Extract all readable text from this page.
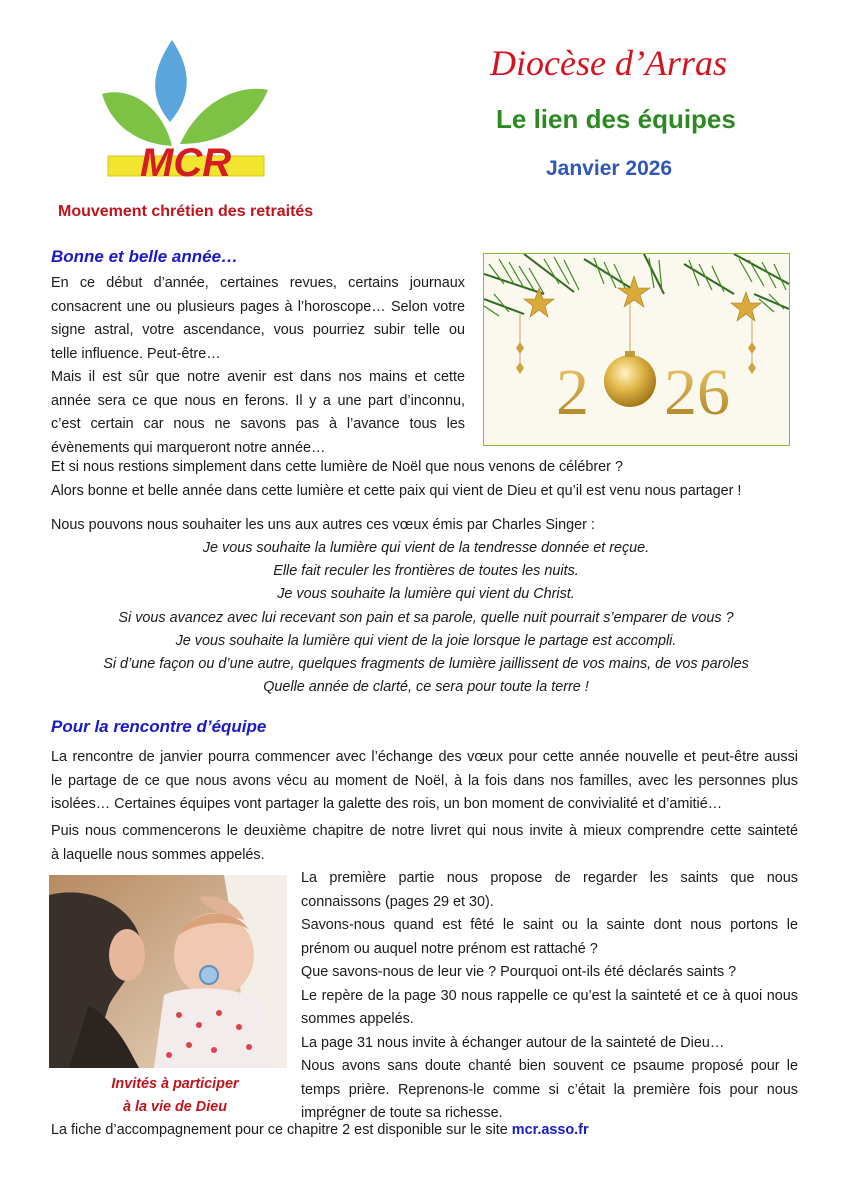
MCR
Mouvement chrétien des retraités
Diocèse d’Arras
Le lien des équipes
Janvier 2026
Bonne et belle année…

En ce début d’année, certaines revues, certains journaux

consacrent une ou plusieurs pages à l’horoscope… Selon votre

signe astral, votre ascendance, vous pourriez subir telle ou

telle influence. Peut-être…

Mais il est sûr que notre avenir est dans nos mains et cette

année sera ce que nous en ferons. Il y a une part d’inconnu,

c’est certain car nous ne savons pas à l’avance tous les

évènements qui marqueront notre année…

2 26

Et si nous restions simplement dans cette lumière de Noël que nous venons de célébrer ?

Alors bonne et belle année dans cette lumière et cette paix qui vient de Dieu et qu’il est venu nous partager !

Nous pouvons nous souhaiter les uns aux autres ces vœux émis par Charles Singer :

Je vous souhaite la lumière qui vient de la tendresse donnée et reçue.

Elle fait reculer les frontières de toutes les nuits.

Je vous souhaite la lumière qui vient du Christ.

Si vous avancez avec lui recevant son pain et sa parole, quelle nuit pourrait s’emparer de vous ?

Je vous souhaite la lumière qui vient de la joie lorsque le partage est accompli.

Si d’une façon ou d’une autre, quelques fragments de lumière jaillissent de vos mains, de vos paroles

Quelle année de clarté, ce sera pour toute la terre !

Pour la rencontre d’équipe

La rencontre de janvier pourra commencer avec l’échange des vœux pour cette année nouvelle et peut-être aussi

le partage de ce que nous avons vécu au moment de Noël, à la fois dans nos familles, avec les personnes plus

isolées… Certaines équipes vont partager la galette des rois, un bon moment de convivialité et d’amitié…

Puis nous commencerons le deuxième chapitre de notre livret qui nous invite à mieux comprendre cette sainteté

à laquelle nous sommes appelés.

Invités à participer
à la vie de Dieu

La première partie nous propose de regarder les saints que nous

connaissons (pages 29 et 30).

Savons-nous quand est fêté le saint ou la sainte dont nous portons le

prénom ou auquel notre prénom est rattaché ?

Que savons-nous de leur vie ? Pourquoi ont-ils été déclarés saints ?

Le repère de la page 30 nous rappelle ce qu’est la sainteté et ce à quoi nous

sommes appelés.

La page 31 nous invite à échanger autour de la sainteté de Dieu…

Nous avons sans doute chanté bien souvent ce psaume proposé pour le

temps prière. Reprenons-le comme si c’était la première fois pour nous

imprégner de toute sa richesse.

La fiche d’accompagnement pour ce chapitre 2 est disponible sur le site mcr.asso.fr
